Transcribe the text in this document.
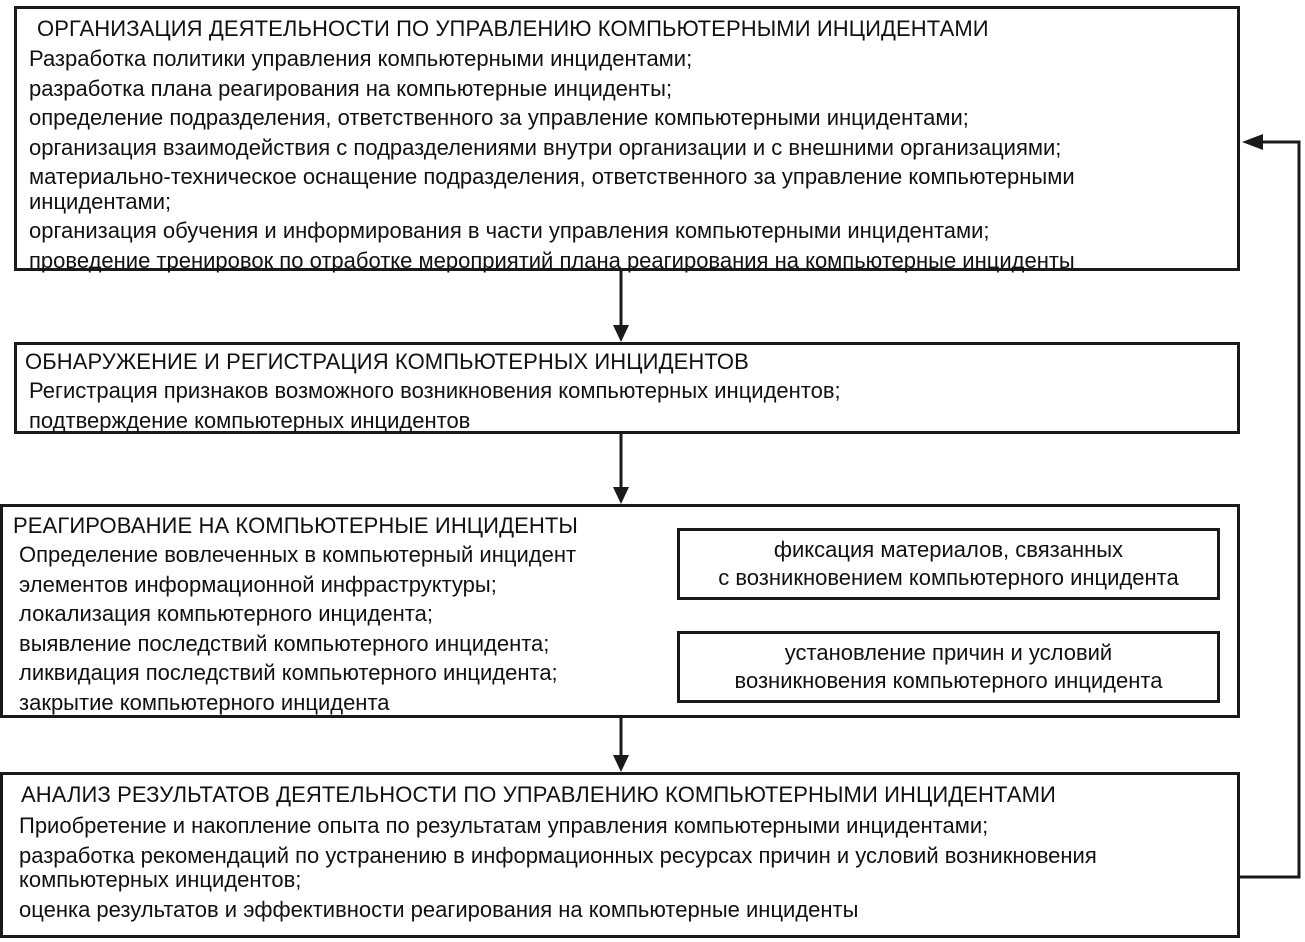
ОРГАНИЗАЦИЯ ДЕЯТЕЛЬНОСТИ ПО УПРАВЛЕНИЮ КОМПЬЮТЕРНЫМИ ИНЦИДЕНТАМИ
Разработка политики управления компьютерными инцидентами;
разработка плана реагирования на компьютерные инциденты;
определение подразделения, ответственного за управление компьютерными инцидентами;
организация взаимодействия с подразделениями внутри организации и с внешними организациями;
материально-техническое оснащение подразделения, ответственного за управление компьютерными
инцидентами;
организация обучения и информирования в части управления компьютерными инцидентами;
проведение тренировок по отработке мероприятий плана реагирования на компьютерные инциденты
ОБНАРУЖЕНИЕ И РЕГИСТРАЦИЯ КОМПЬЮТЕРНЫХ ИНЦИДЕНТОВ
Регистрация признаков возможного возникновения компьютерных инцидентов;
подтверждение компьютерных инцидентов
РЕАГИРОВАНИЕ НА КОМПЬЮТЕРНЫЕ ИНЦИДЕНТЫ
Определение вовлеченных в компьютерный инцидент
элементов информационной инфраструктуры;
локализация компьютерного инцидента;
выявление последствий компьютерного инцидента;
ликвидация последствий компьютерного инцидента;
закрытие компьютерного инцидента
фиксация материалов, связанных
с возникновением компьютерного инцидента
установление причин и условий
возникновения компьютерного инцидента
АНАЛИЗ РЕЗУЛЬТАТОВ ДЕЯТЕЛЬНОСТИ ПО УПРАВЛЕНИЮ КОМПЬЮТЕРНЫМИ ИНЦИДЕНТАМИ
Приобретение и накопление опыта по результатам управления компьютерными инцидентами;
разработка рекомендаций по устранению в информационных ресурсах причин и условий возникновения
компьютерных инцидентов;
оценка результатов и эффективности реагирования на компьютерные инциденты
